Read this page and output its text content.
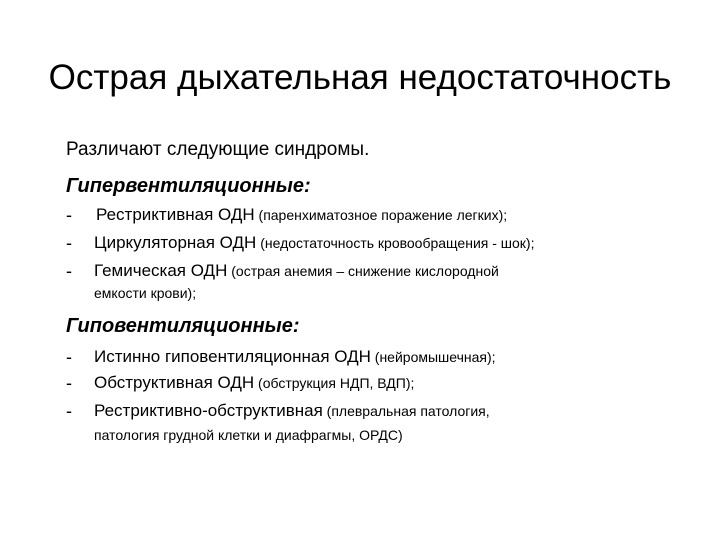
Острая дыхательная недостаточность
Различают следующие синдромы.
Гипервентиляционные:
- Рестриктивная ОДН (паренхиматозное поражение легких);
- Циркуляторная ОДН (недостаточность кровообращения - шок);
- Гемическая ОДН (острая анемия – снижение кислородной
емкости крови);
Гиповентиляционные:
- Истинно гиповентиляционная ОДН (нейромышечная);
- Обструктивная ОДН (обструкция НДП, ВДП);
- Рестриктивно-обструктивная (плевральная патология,
патология грудной клетки и диафрагмы, ОРДС)
